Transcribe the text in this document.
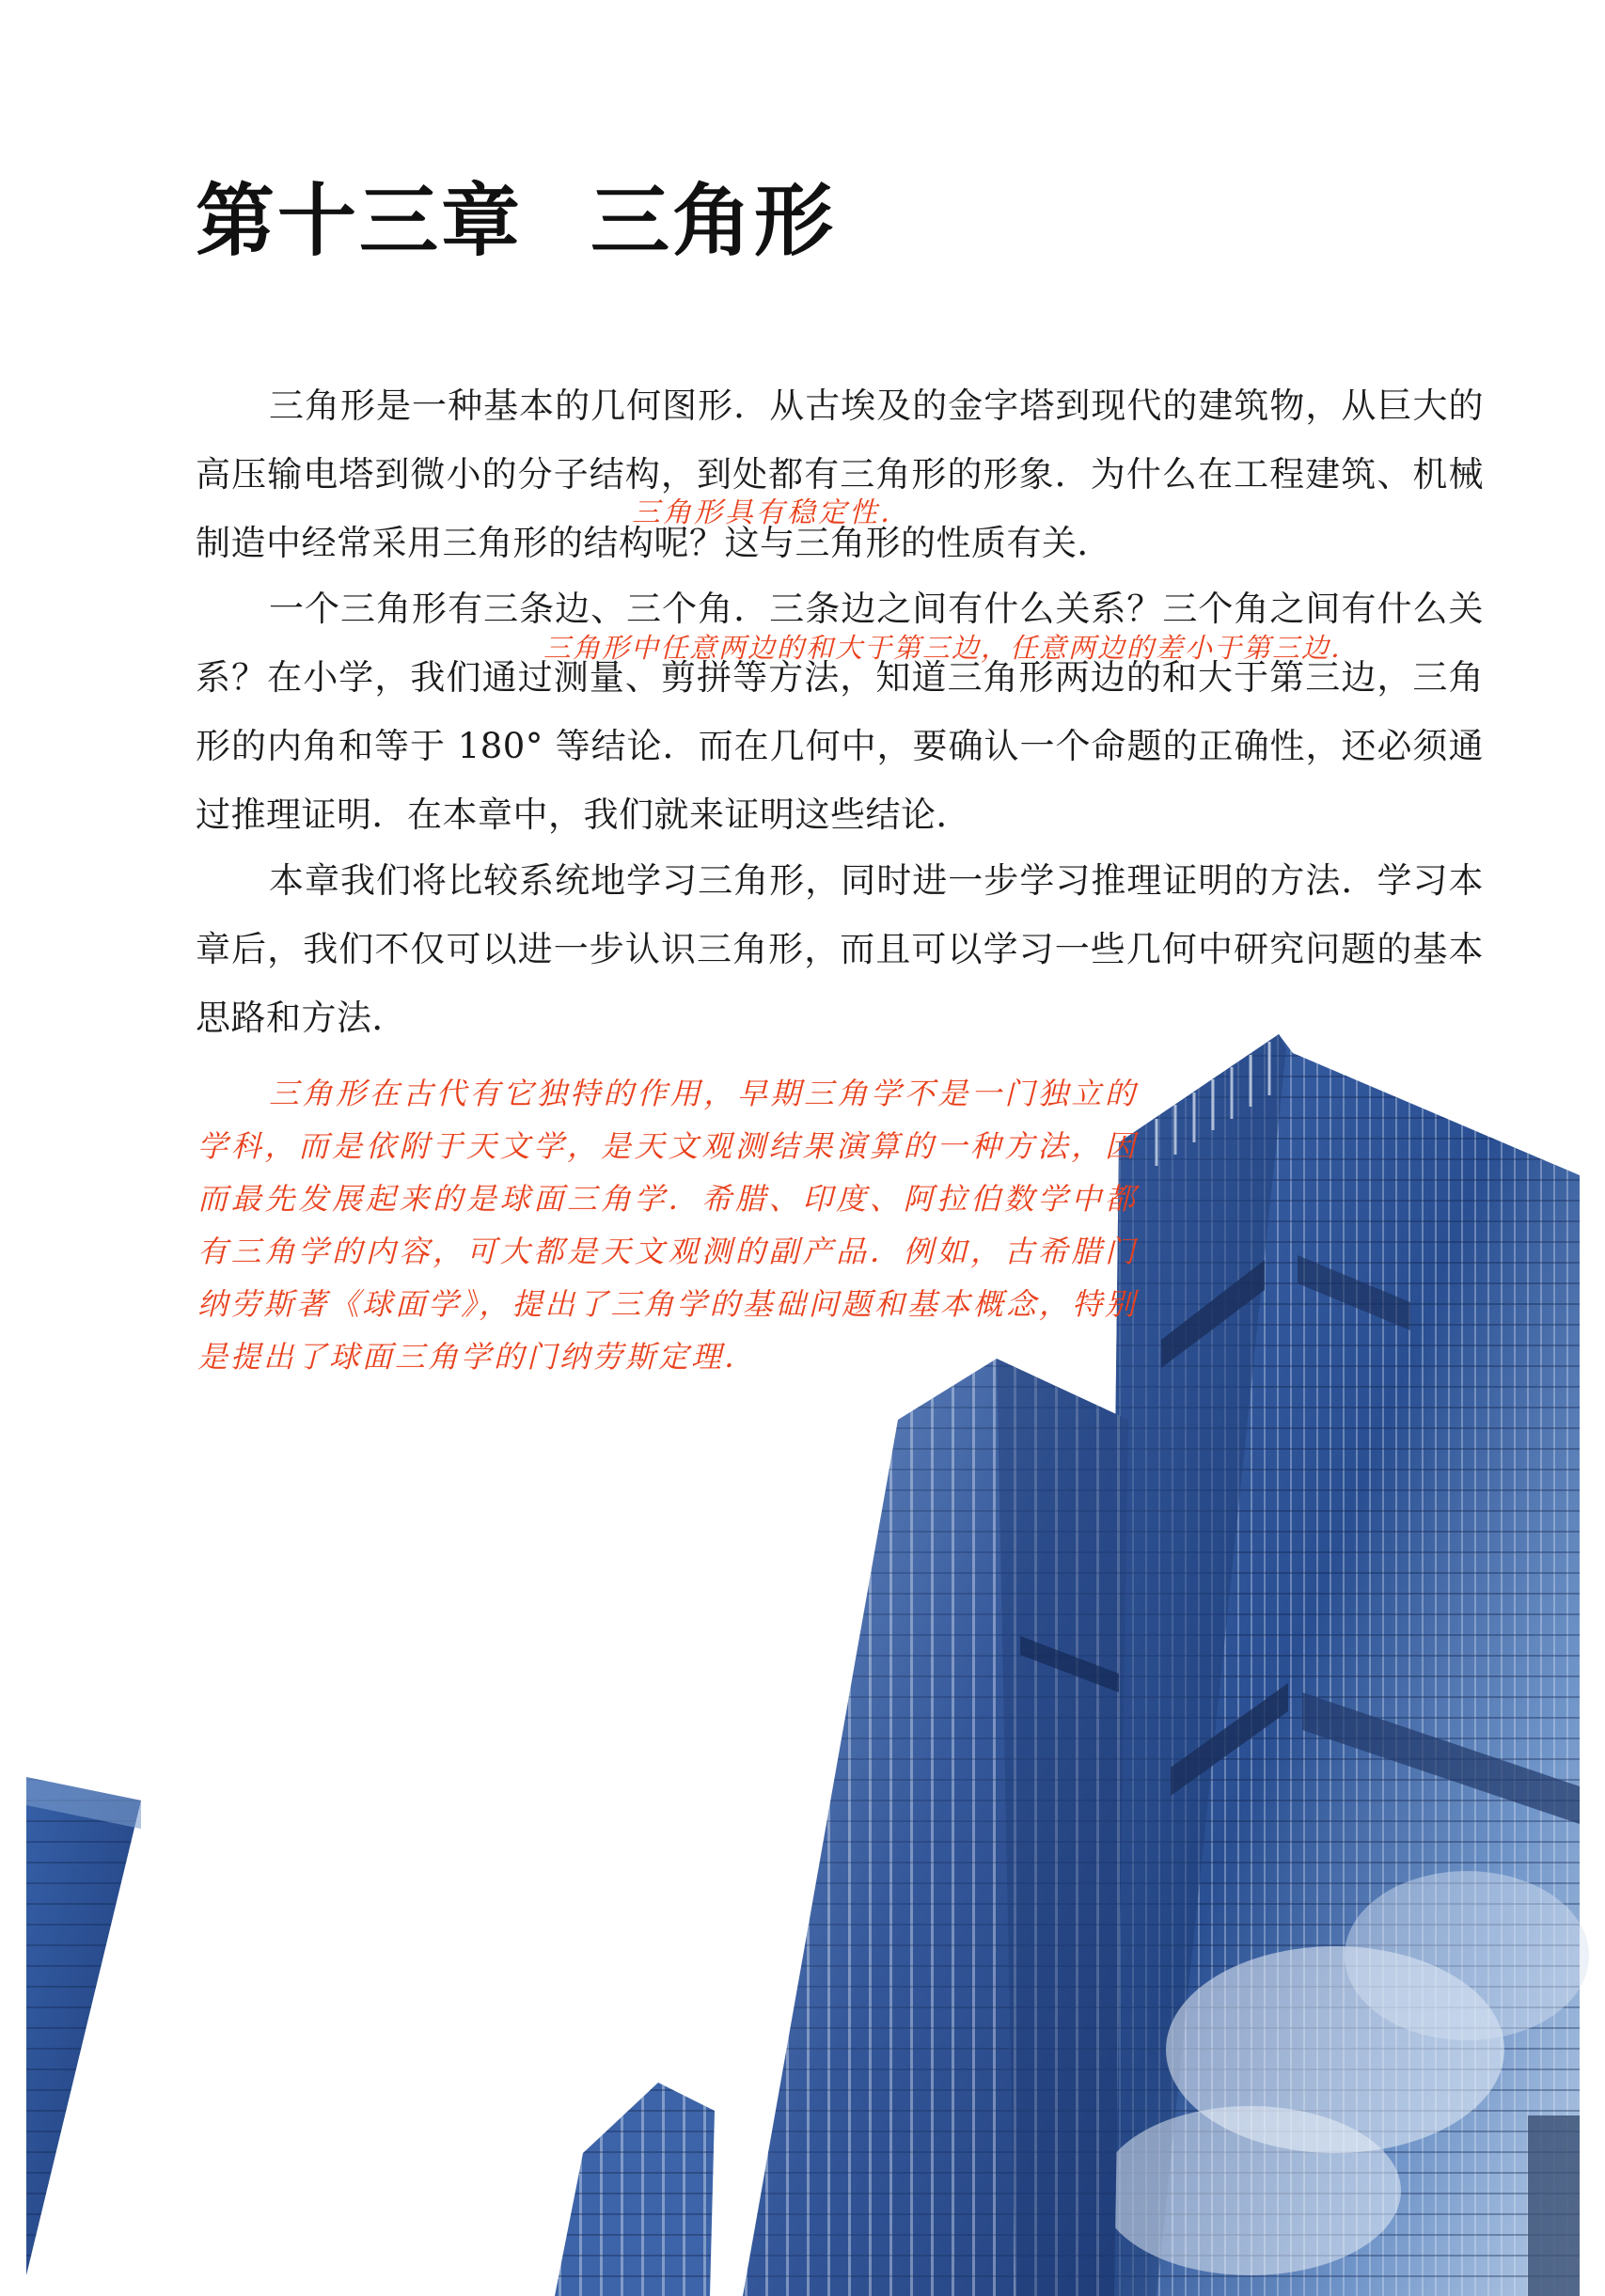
第十三章 三角形

三角形是一种基本的几何图形．从古埃及的金字塔到现代的建筑物，从巨大的高压输电塔到微小的分子结构，到处都有三角形的形象．为什么在工程建筑、机械制造中经常采用三角形的结构呢？这与三角形的性质有关．

一个三角形有三条边、三个角．三条边之间有什么关系？三个角之间有什么关系？在小学，我们通过测量、剪拼等方法，知道三角形两边的和大于第三边，三角形的内角和等于 180° 等结论．而在几何中，要确认一个命题的正确性，还必须通过推理证明．在本章中，我们就来证明这些结论．

本章我们将比较系统地学习三角形，同时进一步学习推理证明的方法．学习本章后，我们不仅可以进一步认识三角形，而且可以学习一些几何中研究问题的基本思路和方法．

三角形具有稳定性．
三角形中任意两边的和大于第三边，任意两边的差小于第三边．

三角形在古代有它独特的作用，早期三角学不是一门独立的学科，而是依附于天文学，是天文观测结果演算的一种方法，因而最先发展起来的是球面三角学．希腊、印度、阿拉伯数学中都有三角学的内容，可大都是天文观测的副产品．例如，古希腊门纳劳斯著《球面学》，提出了三角学的基础问题和基本概念，特别是提出了球面三角学的门纳劳斯定理．
